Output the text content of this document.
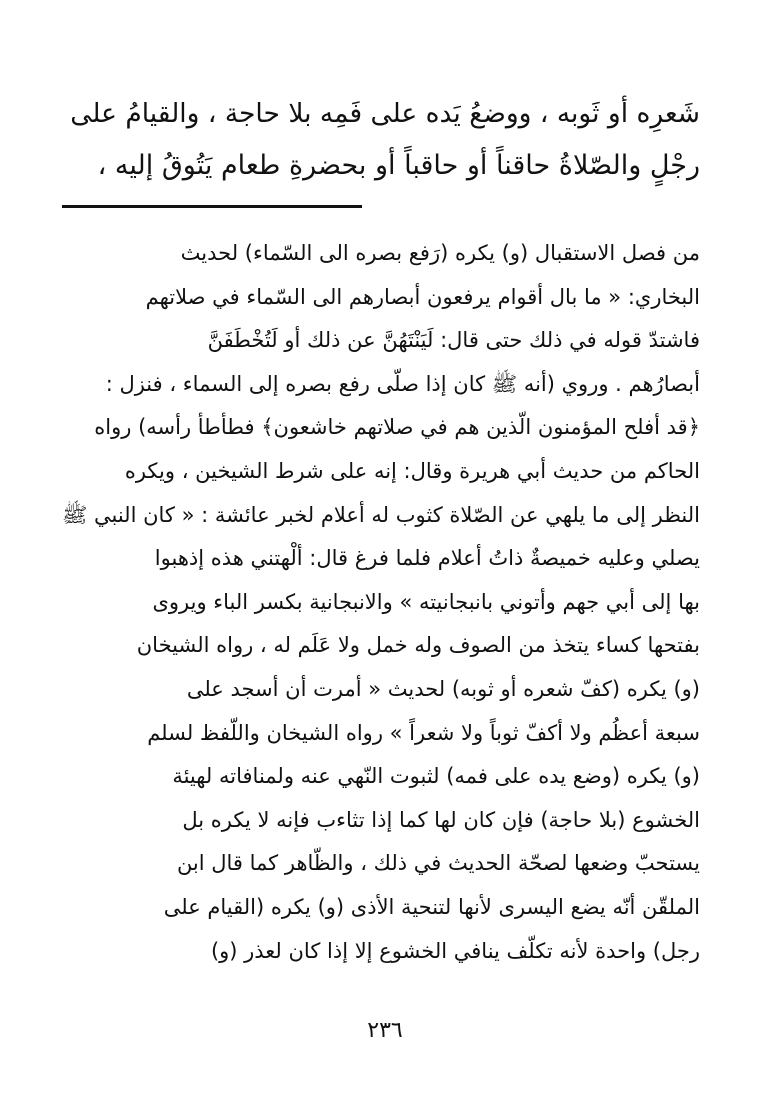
شَعرِه أو ثَوبه ، ووضعُ يَده على فَمِه بلا حاجة ، والقيامُ على
رجْلٍ والصّلاةُ حاقناً أو حاقباً أو بحضرةِ طعام يَتُوقُ إليه ،
من فصل الاستقبال (و) يكره (رَفع بصره الى السّماء) لحديث
البخاري: « ما بال أقوام يرفعون أبصارهم الى السّماء في صلاتهم
فاشتدّ قوله في ذلك حتى قال: لَيَنْتَهُنَّ عن ذلك أو لَتُخْطَفَنَّ
أبصارُهم . وروي (أنه ﷺ كان إذا صلّى رفع بصره إلى السماء ، فنزل :
﴿قد أفلح المؤمنون الّذين هم في صلاتهم خاشعون﴾ فطأطأ رأسه) رواه
الحاكم من حديث أبي هريرة وقال: إنه على شرط الشيخين ، ويكره
النظر إلى ما يلهي عن الصّلاة كثوب له أعلام لخبر عائشة : « كان النبي ﷺ
يصلي وعليه خميصةٌ ذاتُ أعلام فلما فرغ قال: ألْهتني هذه إذهبوا
بها إلى أبي جهم وأتوني بانبجانيته » والانبجانية بكسر الباء ويروى
بفتحها كساء يتخذ من الصوف وله خمل ولا عَلَم له ، رواه الشيخان
(و) يكره (كفّ شعره أو ثوبه) لحديث « أمرت أن أسجد على
سبعة أعظُم ولا أكفّ ثوباً ولا شعراً » رواه الشيخان واللّفظ لسلم
(و) يكره (وضع يده على فمه) لثبوت النّهي عنه ولمنافاته لهيئة
الخشوع (بلا حاجة) فإن كان لها كما إذا تثاءب فإنه لا يكره بل
يستحبّ وضعها لصحّة الحديث في ذلك ، والظّاهر كما قال ابن
الملقّن أنّه يضع اليسرى لأنها لتنحية الأذى (و) يكره (القيام على
رجل) واحدة لأنه تكلّف ينافي الخشوع إلا إذا كان لعذر (و)
٢٣٦
